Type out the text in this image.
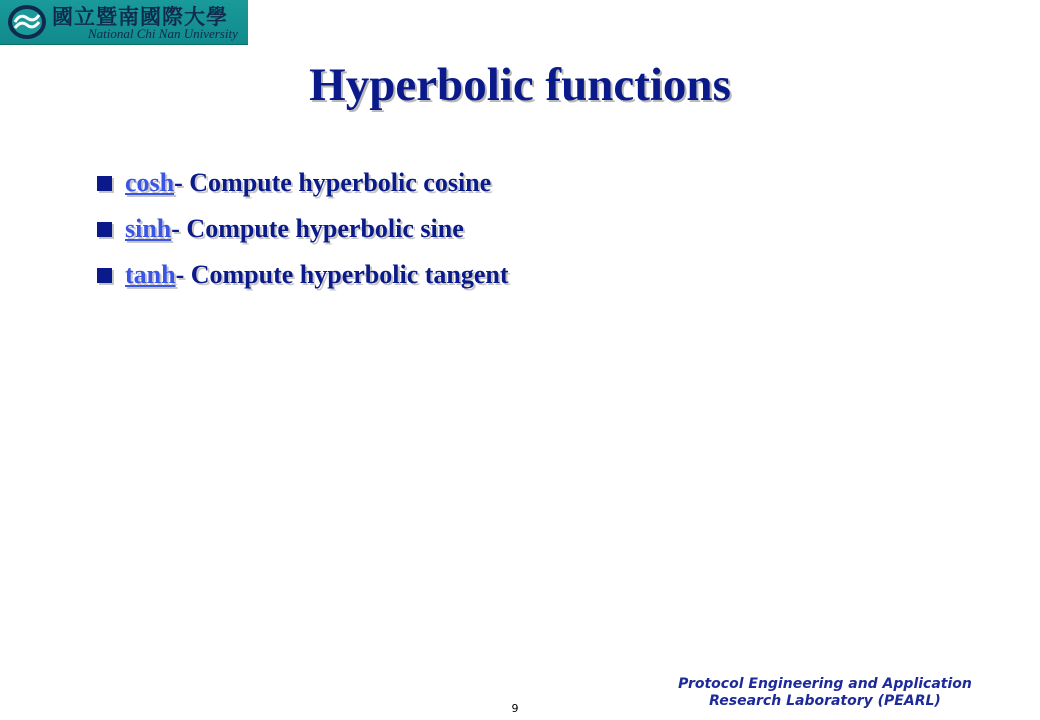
國立暨南國際大學
National Chi Nan University
Hyperbolic functions
cosh - Compute hyperbolic cosine
sinh - Compute hyperbolic sine
tanh - Compute hyperbolic tangent
Protocol Engineering and Application
Research Laboratory (PEARL)
9
